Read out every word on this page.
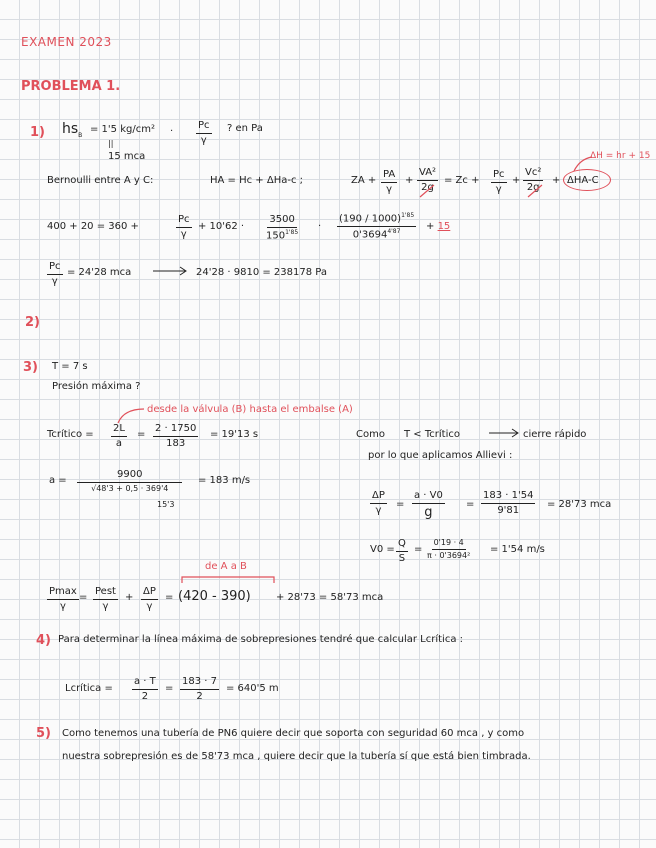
EXAMEN 2023
PROBLEMA 1.
1) $hs_B$
= 1'5 kg/cm²
||
15 mca
. $\frac{Pc}{\gamma}$ ? en Pa
ΔH = hr + 15
Bernoulli entre A y C:	HA = Hc + ΔHa-c ;	ZA + $\frac{PA}{\gamma} + \frac{\text{VA²}}{2g} = Zc + \frac{Pc}{\gamma} + \frac{\text{Vc²}}{2g} + \Delta HA-C$
400 + 20 = 360 +	$\frac{Pc}{\gamma} + 10'62$ ·
3500
$150^{1'85}$
·
(190 / 1000)$^{1'85}$
$0'3694^{4'87}$	+ 15
$\frac{Pc}{\gamma} = 24'28$ mca	24'28 · 9810 = 238178 Pa
2)
3) T = 7 s
Presión máxima ?
desde la válvula (B) hasta el embalse (A)
Tcrítico = $\frac{2L}{a} = \frac{2 \cdot 1750}{183} = 19'13$ s	Como T < Tcrítico	cierre rápido
por lo que aplicamos Allievi :
a =
9900
√48'3 + 0,5 · 369'4
15'3
= 183 m/s
$\frac{\Delta P}{\gamma}$ =
a · V0
g
= $\frac{183 \cdot 1'54}{9'81} = 28'73$ mca
$V0 = \frac{Q}{S} = \frac{0'19 \cdot 4}{\text{π · 0'3694²}} = 1'54$ m/s
de A a B
Pmax
γ
=
Pest
γ
+ $\frac{\Delta P}{\gamma} = (420 - 390)$	+ 28'73 = 58'73 mca
4) Para determinar la línea máxima de sobrepresiones tendré que calcular Lcrítica :
Lcrítica = $\frac{a \cdot T}{2} = \frac{183 \cdot 7}{2} = 640'5$ m
5) Como tenemos una tubería de PN6 quiere decir que soporta con seguridad 60 mca , y como
nuestra sobrepresión es de 58'73 mca , quiere decir que la tubería sí que está bien timbrada.
